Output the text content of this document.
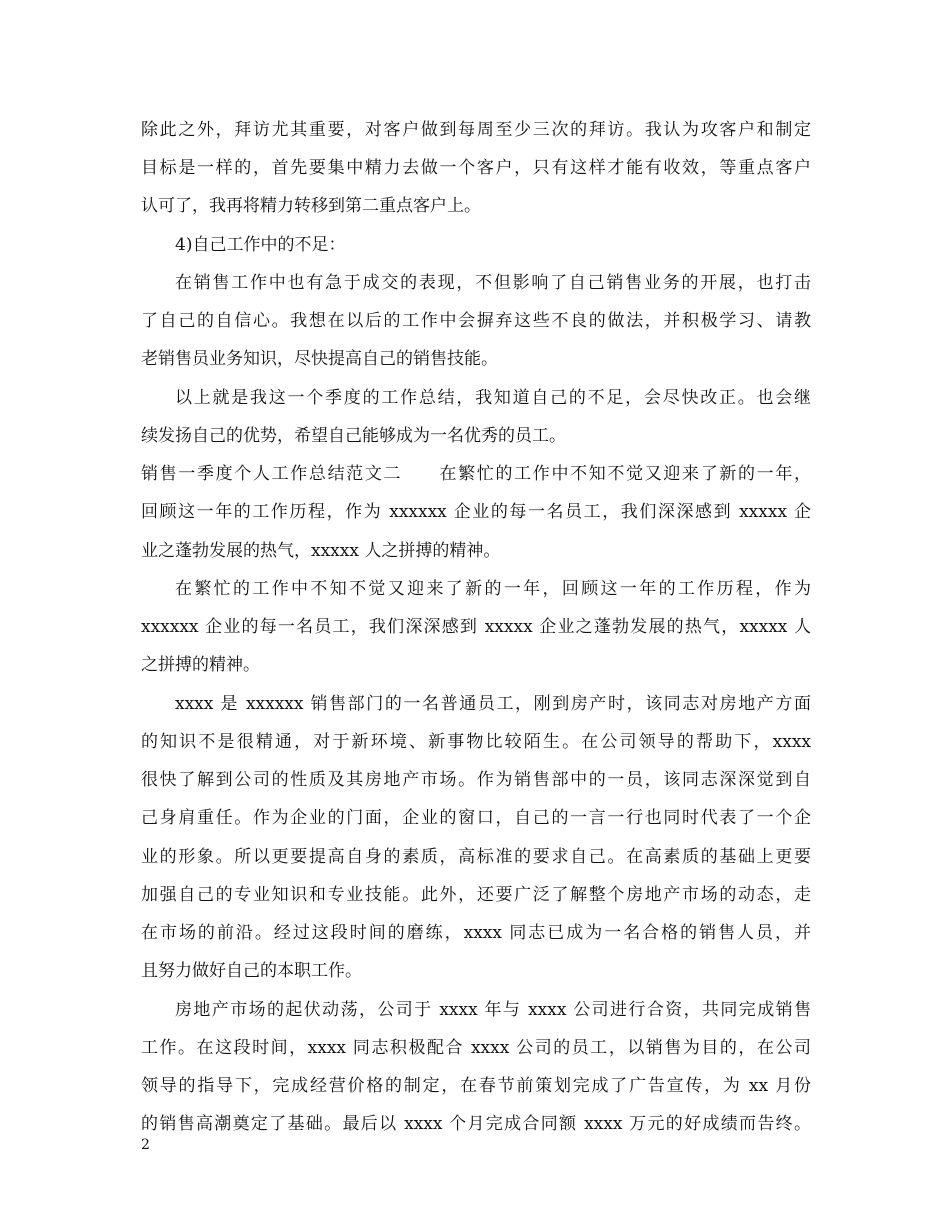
除此之外，拜访尤其重要，对客户做到每周至少三次的拜访。我认为攻客户和制定
目标是一样的，首先要集中精力去做一个客户，只有这样才能有收效，等重点客户
认可了，我再将精力转移到第二重点客户上。
4)自己工作中的不足：
在销售工作中也有急于成交的表现，不但影响了自己销售业务的开展，也打击
了自己的自信心。我想在以后的工作中会摒弃这些不良的做法，并积极学习、请教
老销售员业务知识，尽快提高自己的销售技能。
以上就是我这一个季度的工作总结，我知道自己的不足，会尽快改正。也会继
续发扬自己的优势，希望自己能够成为一名优秀的员工。
销售一季度个人工作总结范文二　　在繁忙的工作中不知不觉又迎来了新的一年，
回顾这一年的工作历程，作为 xxxxxx 企业的每一名员工，我们深深感到 xxxxx 企
业之蓬勃发展的热气，xxxxx 人之拼搏的精神。
在繁忙的工作中不知不觉又迎来了新的一年，回顾这一年的工作历程，作为
xxxxxx 企业的每一名员工，我们深深感到 xxxxx 企业之蓬勃发展的热气，xxxxx 人
之拼搏的精神。
xxxx 是 xxxxxx 销售部门的一名普通员工，刚到房产时，该同志对房地产方面
的知识不是很精通，对于新环境、新事物比较陌生。在公司领导的帮助下，xxxx
很快了解到公司的性质及其房地产市场。作为销售部中的一员，该同志深深觉到自
己身肩重任。作为企业的门面，企业的窗口，自己的一言一行也同时代表了一个企
业的形象。所以更要提高自身的素质，高标准的要求自己。在高素质的基础上更要
加强自己的专业知识和专业技能。此外，还要广泛了解整个房地产市场的动态，走
在市场的前沿。经过这段时间的磨练，xxxx 同志已成为一名合格的销售人员，并
且努力做好自己的本职工作。
房地产市场的起伏动荡，公司于 xxxx 年与 xxxx 公司进行合资，共同完成销售
工作。在这段时间，xxxx 同志积极配合 xxxx 公司的员工，以销售为目的，在公司
领导的指导下，完成经营价格的制定，在春节前策划完成了广告宣传，为 xx 月份
的销售高潮奠定了基础。最后以 xxxx 个月完成合同额 xxxx 万元的好成绩而告终。
2
